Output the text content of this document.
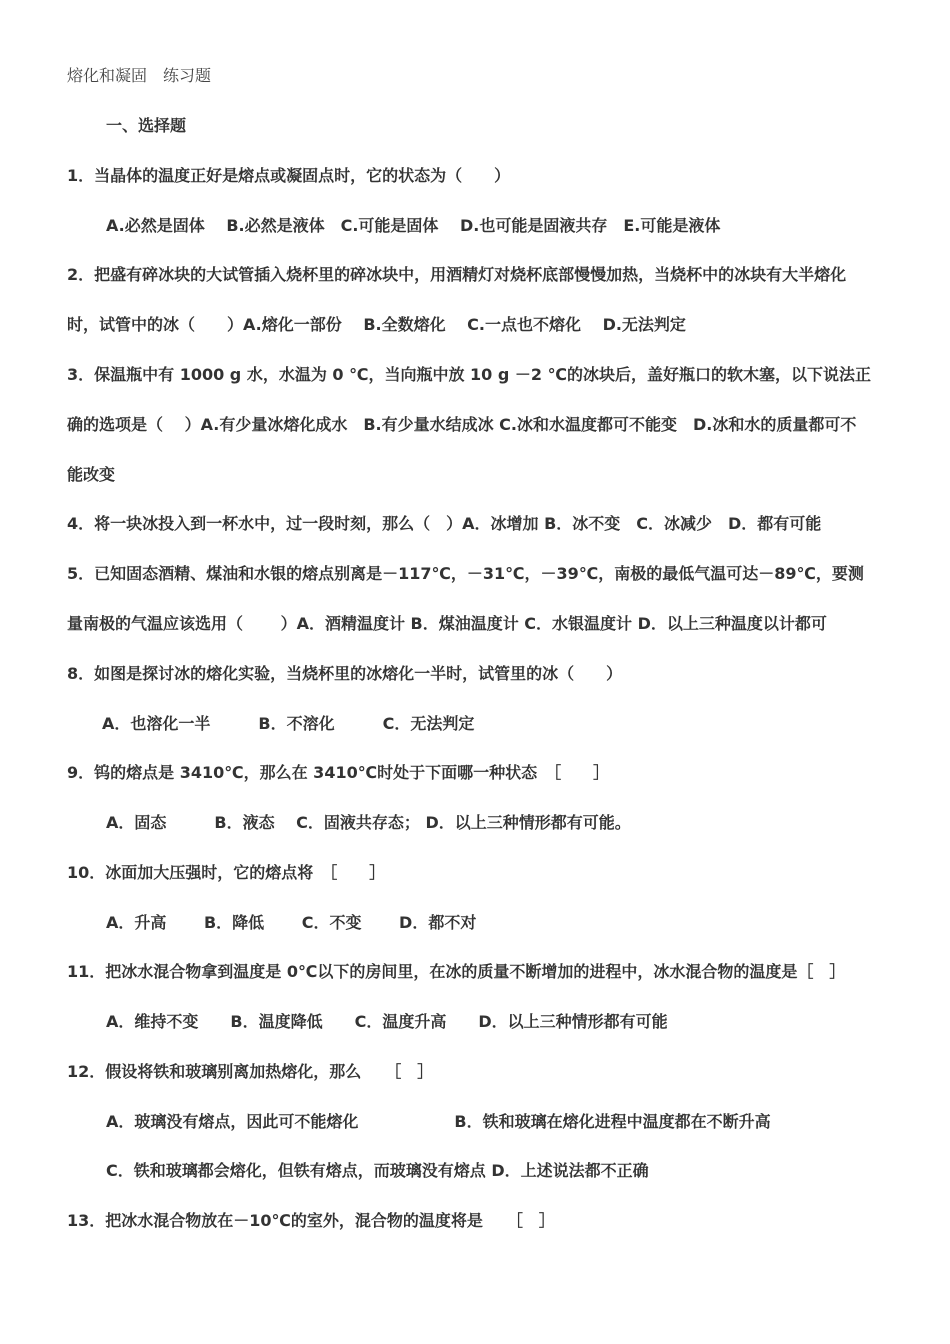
熔化和凝固　练习题
一、选择题
1．当晶体的温度正好是熔点或凝固点时，它的状态为（　　）
A.必然是固体　 B.必然是液体　C.可能是固体　 D.也可能是固液共存　E.可能是液体
2．把盛有碎冰块的大试管插入烧杯里的碎冰块中，用酒精灯对烧杯底部慢慢加热，当烧杯中的冰块有大半熔化
时，试管中的冰（　　）A.熔化一部份　 B.全数熔化　 C.一点也不熔化　 D.无法判定
3．保温瓶中有 1000 g 水，水温为 0 ℃，当向瓶中放 10 g －2 ℃的冰块后，盖好瓶口的软木塞，以下说法正
确的选项是（　 ）A.有少量冰熔化成水　B.有少量水结成冰 C.冰和水温度都可不能变　D.冰和水的质量都可不
能改变
4．将一块冰投入到一杯水中，过一段时刻，那么（　）A．冰增加 B．冰不变　C．冰减少　D．都有可能
5．已知固态酒精、煤油和水银的熔点别离是－117℃，－31℃，－39℃，南极的最低气温可达－89℃，要测
量南极的气温应该选用（　　 ）A．酒精温度计 B．煤油温度计 C．水银温度计 D．以上三种温度以计都可
8．如图是探讨冰的熔化实验，当烧杯里的冰熔化一半时，试管里的冰（　　）
A．也溶化一半　　　B．不溶化　　　C．无法判定
9．钨的熔点是 3410℃，那么在 3410℃时处于下面哪一种状态　［　　］
A．固态　　　B．液态　 C．固液共存态； D．以上三种情形都有可能。
10．冰面加大压强时，它的熔点将　［　　］
A．升高　　 B．降低　　 C．不变　　 D．都不对
11．把冰水混合物拿到温度是 0℃以下的房间里，在冰的质量不断增加的进程中，冰水混合物的温度是［　］
A．维持不变　　B．温度降低　　C．温度升高　　D．以上三种情形都有可能
12．假设将铁和玻璃别离加热熔化，那么　　［　］
A．玻璃没有熔点，因此可不能熔化　　　　　　B．铁和玻璃在熔化进程中温度都在不断升高
C．铁和玻璃都会熔化，但铁有熔点，而玻璃没有熔点 D．上述说法都不正确
13．把冰水混合物放在－10℃的室外，混合物的温度将是　　［　］
